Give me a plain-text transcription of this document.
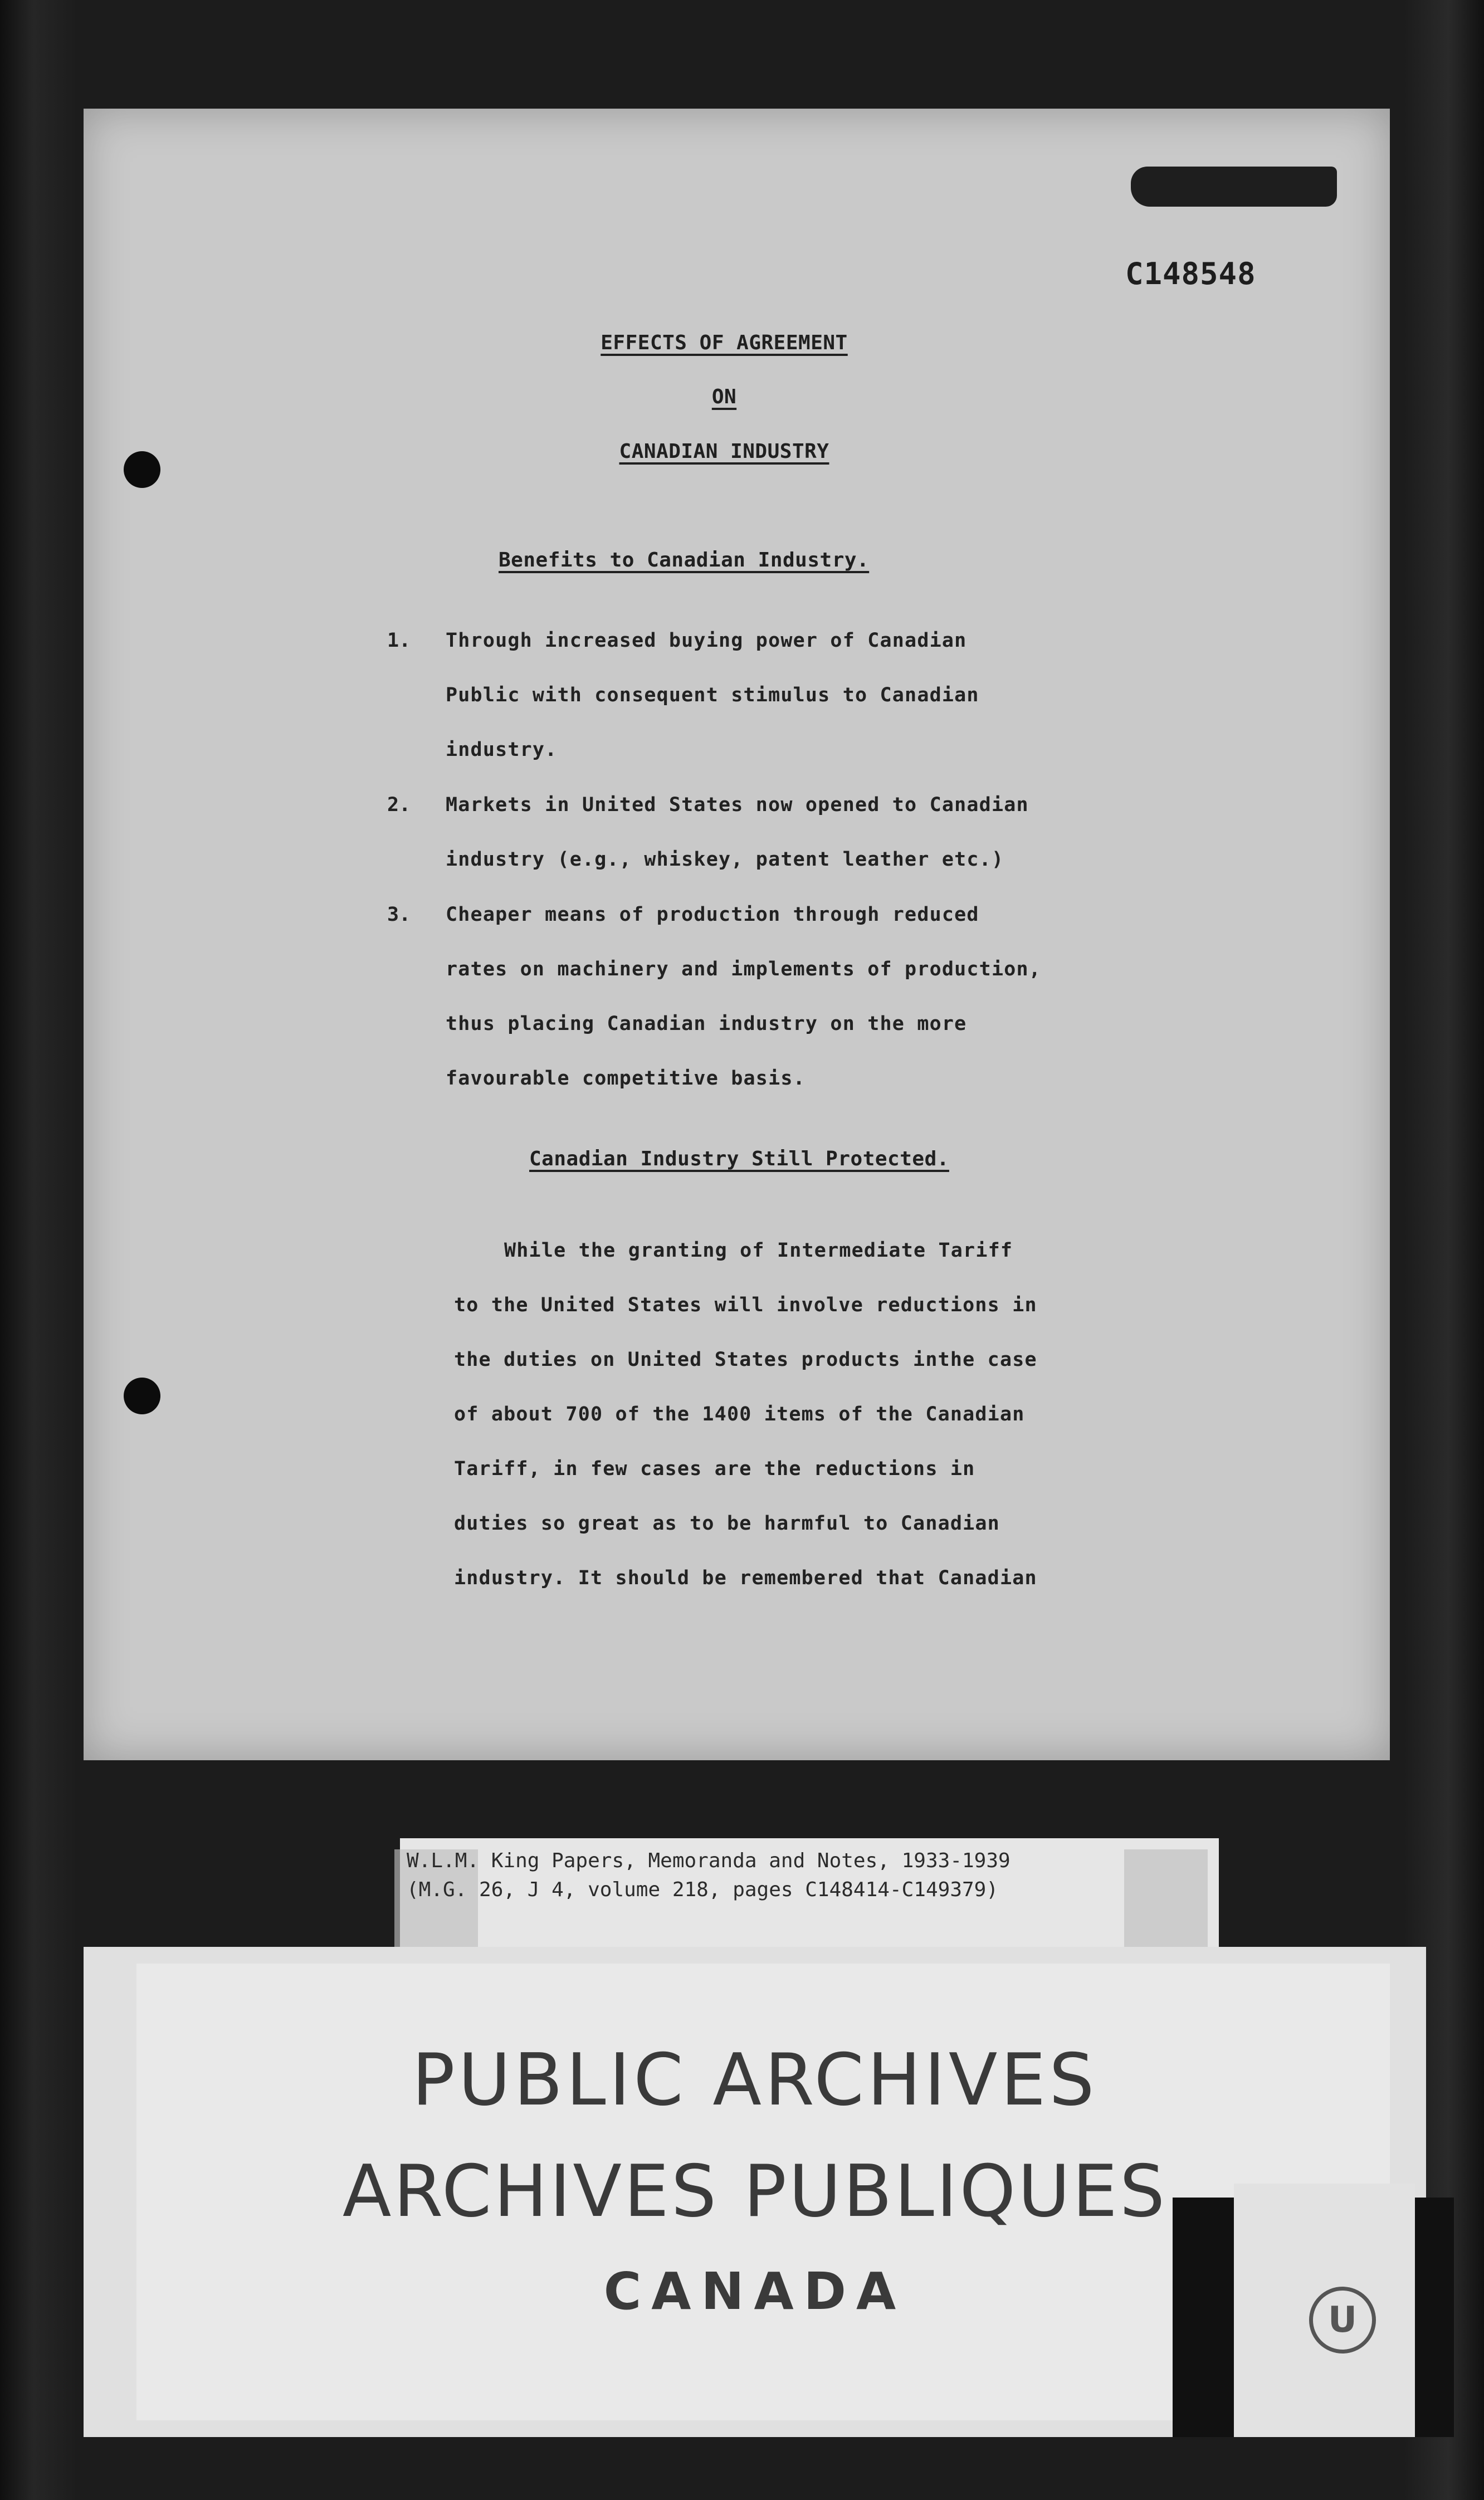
C148548
EFFECTS OF AGREEMENT
ON
CANADIAN INDUSTRY
Benefits to Canadian Industry.
1. Through increased buying power of Canadian
Public with consequent stimulus to Canadian
industry.
2. Markets in United States now opened to Canadian
industry (e.g., whiskey, patent leather etc.)
3. Cheaper means of production through reduced
rates on machinery and implements of production,
thus placing Canadian industry on the more
favourable competitive basis.
Canadian Industry Still Protected.
While the granting of Intermediate Tariff
to the United States will involve reductions in
the duties on United States products inthe case
of about 700 of the 1400 items of the Canadian
Tariff, in few cases are the reductions in
duties so great as to be harmful to Canadian
industry. It should be remembered that Canadian
W.L.M. King Papers, Memoranda and Notes, 1933-1939
(M.G. 26, J 4, volume 218, pages C148414-C149379)
PUBLIC ARCHIVES
ARCHIVES PUBLIQUES
CANADA	U
